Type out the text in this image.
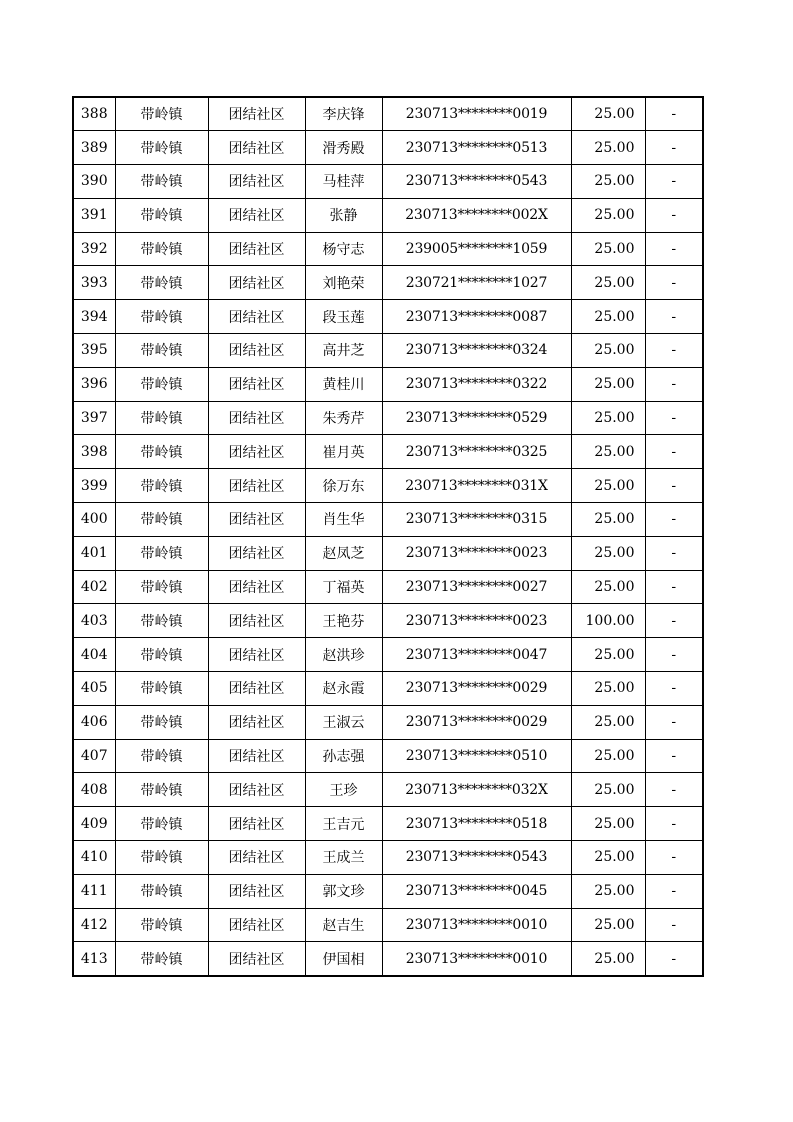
388	带岭镇	团结社区	李庆锋	230713********0019	25.00	-
389	带岭镇	团结社区	滑秀殿	230713********0513	25.00	-
390	带岭镇	团结社区	马桂萍	230713********0543	25.00	-
391	带岭镇	团结社区	张静	230713********002X	25.00	-
392	带岭镇	团结社区	杨守志	239005********1059	25.00	-
393	带岭镇	团结社区	刘艳荣	230721********1027	25.00	-
394	带岭镇	团结社区	段玉莲	230713********0087	25.00	-
395	带岭镇	团结社区	高井芝	230713********0324	25.00	-
396	带岭镇	团结社区	黄桂川	230713********0322	25.00	-
397	带岭镇	团结社区	朱秀芹	230713********0529	25.00	-
398	带岭镇	团结社区	崔月英	230713********0325	25.00	-
399	带岭镇	团结社区	徐万东	230713********031X	25.00	-
400	带岭镇	团结社区	肖生华	230713********0315	25.00	-
401	带岭镇	团结社区	赵凤芝	230713********0023	25.00	-
402	带岭镇	团结社区	丁福英	230713********0027	25.00	-
403	带岭镇	团结社区	王艳芬	230713********0023	100.00	-
404	带岭镇	团结社区	赵洪珍	230713********0047	25.00	-
405	带岭镇	团结社区	赵永霞	230713********0029	25.00	-
406	带岭镇	团结社区	王淑云	230713********0029	25.00	-
407	带岭镇	团结社区	孙志强	230713********0510	25.00	-
408	带岭镇	团结社区	王珍	230713********032X	25.00	-
409	带岭镇	团结社区	王吉元	230713********0518	25.00	-
410	带岭镇	团结社区	王成兰	230713********0543	25.00	-
411	带岭镇	团结社区	郭文珍	230713********0045	25.00	-
412	带岭镇	团结社区	赵吉生	230713********0010	25.00	-
413	带岭镇	团结社区	伊国相	230713********0010	25.00	-
